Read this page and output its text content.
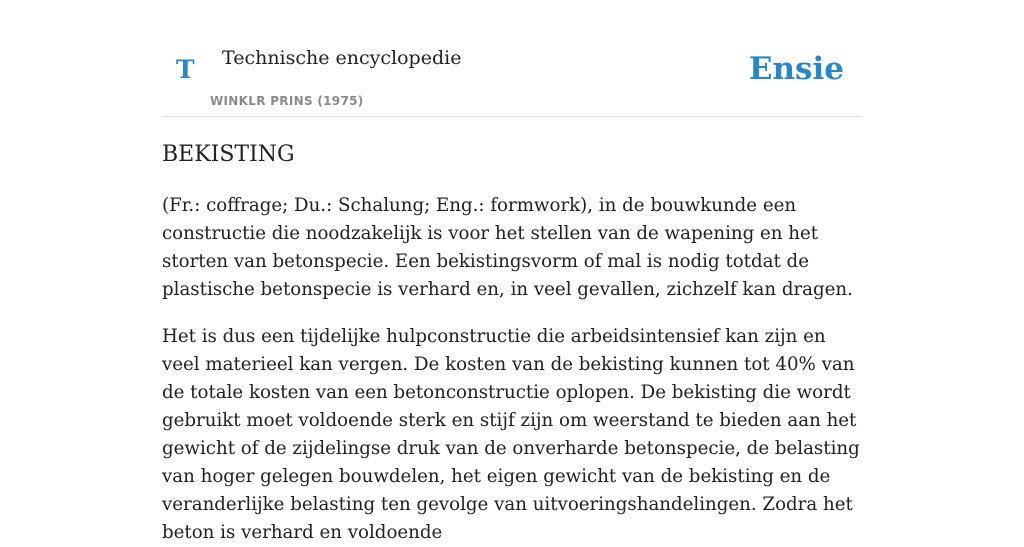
T Technische encyclopedie
WINKLR PRINS (1975)
Ensie
BEKISTING

(Fr.: coffrage; Du.: Schalung; Eng.: formwork), in de bouwkunde een constructie die noodzakelijk is voor het stellen van de wapening en het storten van betonspecie. Een bekistingsvorm of mal is nodig totdat de plastische betonspecie is verhard en, in veel gevallen, zichzelf kan dragen.

Het is dus een tijdelijke hulpconstructie die arbeidsintensief kan zijn en veel materieel kan vergen. De kosten van de bekisting kunnen tot 40% van de totale kosten van een betonconstructie oplopen. De bekisting die wordt gebruikt moet voldoende sterk en stijf zijn om weerstand te bieden aan het gewicht of de zijdelingse druk van de onverharde betonspecie, de belasting van hoger gelegen bouwdelen, het eigen gewicht van de bekisting en de veranderlijke belasting ten gevolge van uitvoeringshandelingen. Zodra het beton is verhard en voldoende
